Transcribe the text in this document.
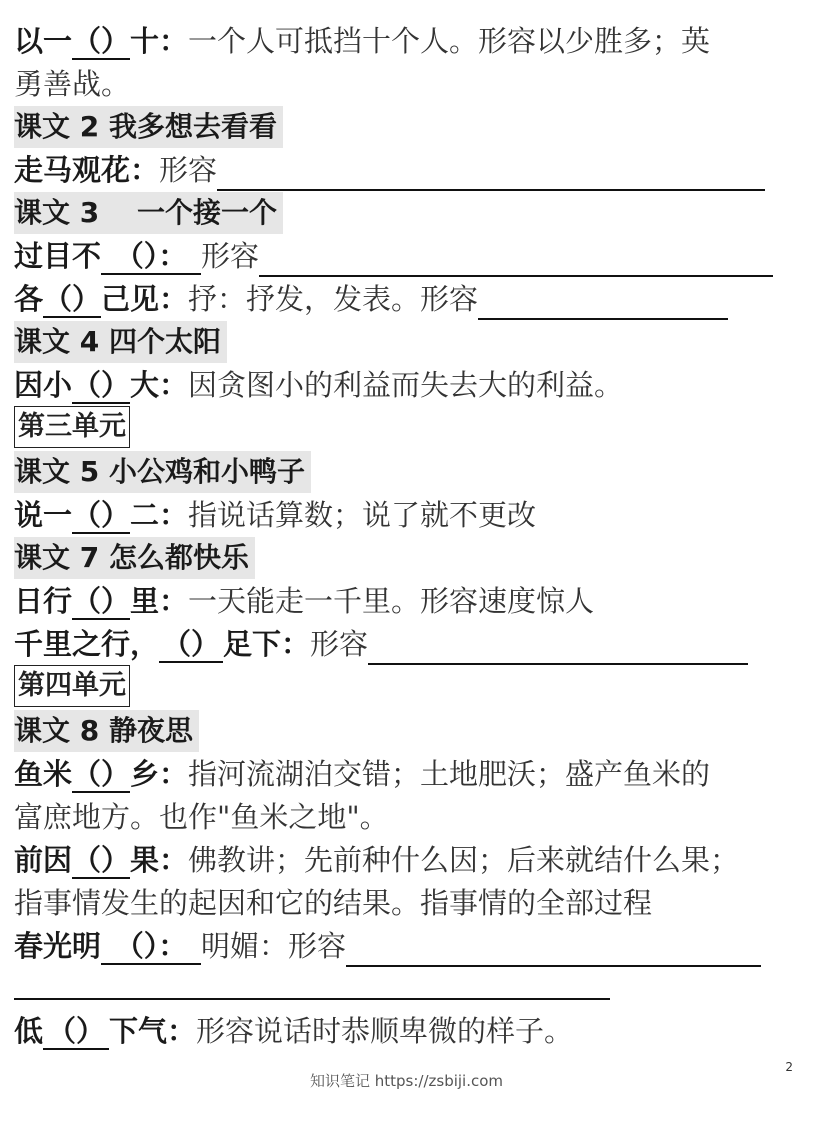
以一（）十：一个人可抵挡十个人。形容以少胜多；英
勇善战。
课文 2 我多想去看看
走马观花：形容
课文 3　 一个接一个
过目不 （）： 形容
各（）己见：抒：抒发，发表。形容
课文 4 四个太阳
因小（）大：因贪图小的利益而失去大的利益。
第三单元
课文 5 小公鸡和小鸭子
说一（）二：指说话算数；说了就不更改
课文 7 怎么都快乐
日行（）里：一天能走一千里。形容速度惊人
千里之行， （） 足下：形容
第四单元
课文 8 静夜思
鱼米（）乡：指河流湖泊交错；土地肥沃；盛产鱼米的
富庶地方。也作"鱼米之地"。
前因（）果：佛教讲；先前种什么因；后来就结什么果；
指事情发生的起因和它的结果。指事情的全部过程
春光明 （）： 明媚：形容
低 （） 下气：形容说话时恭顺卑微的样子。
2
知识笔记 https://zsbiji.com
